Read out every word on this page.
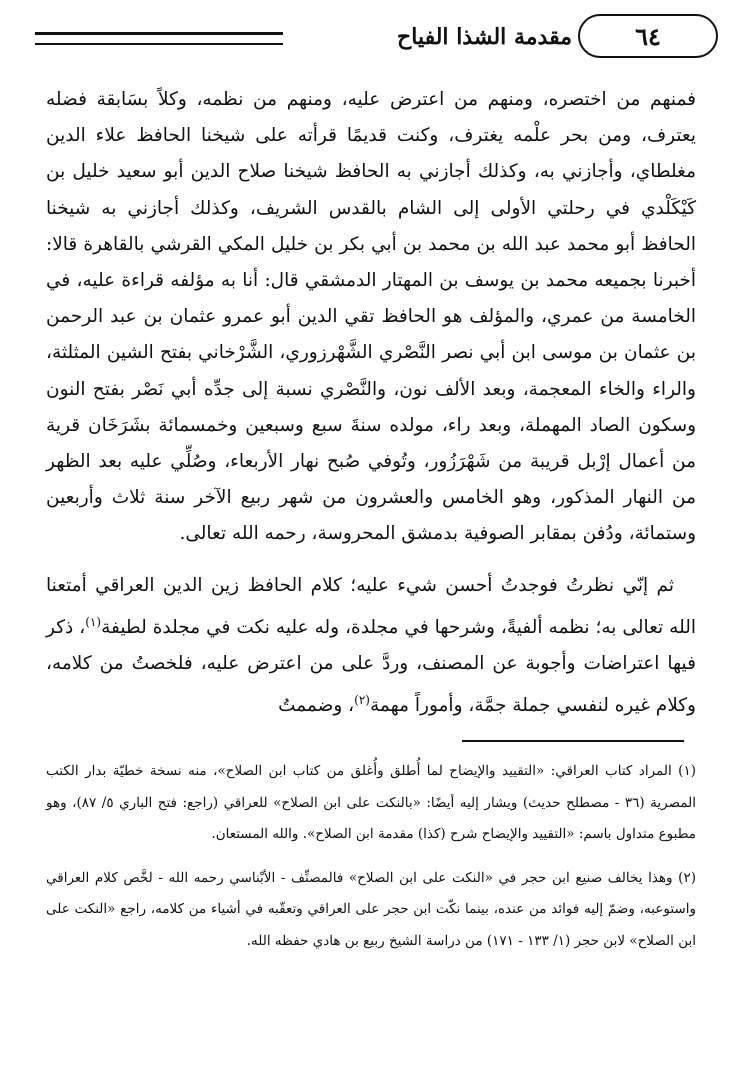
٦٤
مقدمة الشذا الفياح

فمنهم من اختصره، ومنهم من اعترض عليه، ومنهم من نظمه، وكلاً بسَابقة فضله يعترف، ومن بحر علْمه يغترف، وكنت قديمًا قرأته على شيخنا الحافظ علاء الدين مغلطاي، وأجازني به، وكذلك أجازني به الحافظ شيخنا صلاح الدين أبو سعيد خليل بن كَيْكَلْدي في رحلتي الأولى إلى الشام بالقدس الشريف، وكذلك أجازني به شيخنا الحافظ أبو محمد عبد الله بن محمد بن أبي بكر بن خليل المكي القرشي بالقاهرة قالا: أخبرنا بجميعه محمد بن يوسف بن المهتار الدمشقي قال: أنا به مؤلفه قراءة عليه، في الخامسة من عمري، والمؤلف هو الحافظ تقي الدين أبو عمرو عثمان بن عبد الرحمن بن عثمان بن موسى ابن أبي نصر النَّصْري الشَّهْرزوري، الشَّرْخاني بفتح الشين المثلثة، والراء والخاء المعجمة، وبعد الألف نون، والنَّصْري نسبة إلى جدِّه أبي نَصْر بفتح النون وسكون الصاد المهملة، وبعد راء، مولده سنةَ سبع وسبعين وخمسمائة بشَرَخَان قرية من أعمال إرْبل قريبة من شَهْرَزُور، وتُوفي صُبح نهار الأربعاء، وصُلِّي عليه بعد الظهر من النهار المذكور، وهو الخامس والعشرون من شهر ربيع الآخر سنة ثلاث وأربعين وستمائة، ودُفن بمقابر الصوفية بدمشق المحروسة، رحمه الله تعالى.

ثم إنّي نظرتُ فوجدتُ أحسن شيء عليه؛ كلام الحافظ زين الدين العراقي أمتعنا الله تعالى به؛ نظمه ألفيةً، وشرحها في مجلدة، وله عليه نكت في مجلدة لطيفة$^{(١)}$، ذكر فيها اعتراضات وأجوبة عن المصنف، وردَّ على من اعترض عليه، فلخصتُ من كلامه، وكلام غيره لنفسي جملة جمَّة، وأموراً مهمة$^{(٢)}$، وضممتُ

(١) المراد كتاب العراقي: «التقييد والإيضاح لما أُطلق وأُغلق من كتاب ابن الصلاح»، منه نسخة خطيّة بدار الكتب المصرية (٣٦ - مصطلح حديث) ويشار إليه أيضًا: «بالنكت على ابن الصلاح» للعراقي (راجع: فتح الباري ٥/ ٨٧)، وهو مطبوع متداول باسم: «التقييد والإيضاح شرح (كذا) مقدمة ابن الصلاح». والله المستعان.

(٢) وهذا يخالف صنيع ابن حجر في «النكت على ابن الصلاح» فالمصنِّف - الأبْناسي رحمه الله - لخَّص كلام العراقي واستوعبه، وضمّ إليه فوائد من عنده، بينما نكّت ابن حجر على العراقي وتعقّبه في أشياء من كلامه، راجع «النكت على ابن الصلاح» لابن حجر (١/ ١٣٣ - ١٧١) من دراسة الشيخ ربيع بن هادي حفظه الله.
